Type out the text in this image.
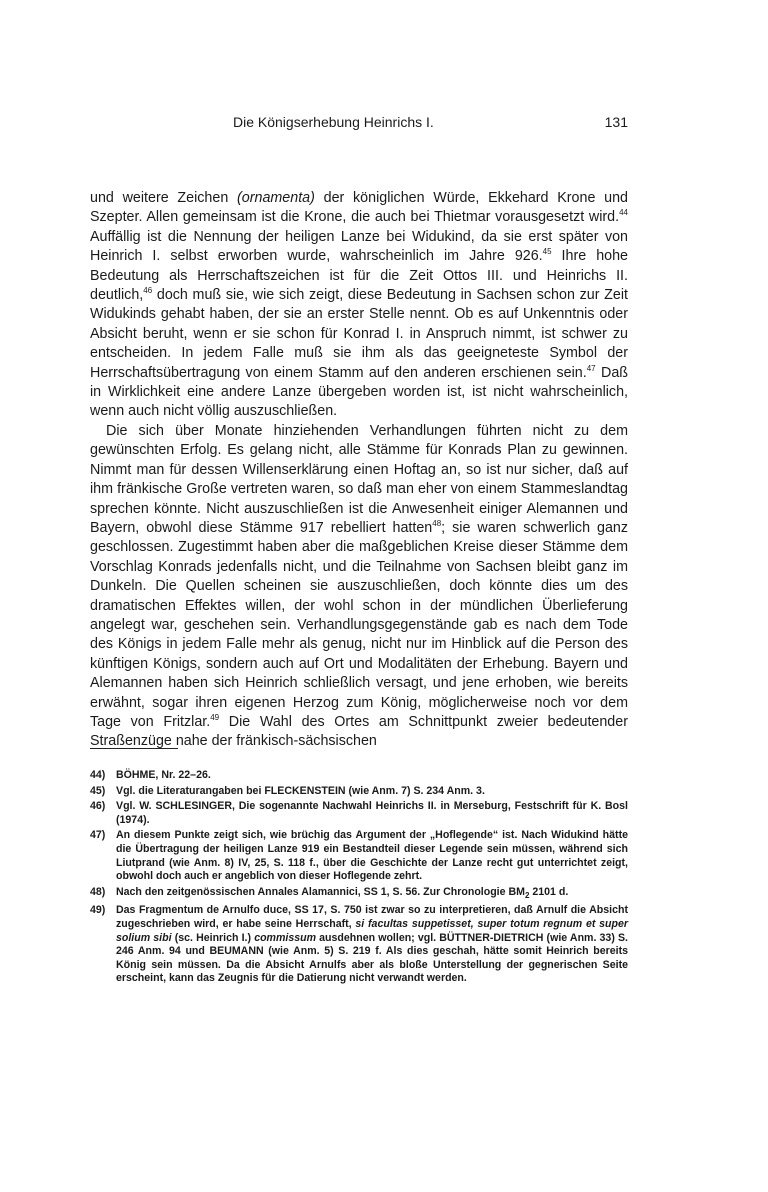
Die Königserhebung Heinrichs I.	131

und weitere Zeichen (ornamenta) der königlichen Würde, Ekkehard Krone und Szepter. Allen gemeinsam ist die Krone, die auch bei Thietmar vorausgesetzt wird.$^{44}$ Auffällig ist die Nennung der heiligen Lanze bei Widukind, da sie erst später von Heinrich I. selbst erworben wurde, wahrscheinlich im Jahre 926.45 Ihre hohe Bedeutung als Herrschaftszeichen ist für die Zeit Ottos III. und Heinrichs II. deutlich,$^{46}$ doch muß sie, wie sich zeigt, diese Bedeutung in Sachsen schon zur Zeit Widukinds gehabt haben, der sie an erster Stelle nennt. Ob es auf Unkenntnis oder Absicht beruht, wenn er sie schon für Konrad I. in Anspruch nimmt, ist schwer zu entscheiden. In jedem Falle muß sie ihm als das geeigneteste Symbol der Herrschaftsübertragung von einem Stamm auf den anderen erschienen sein.$^{47}$ Daß in Wirklichkeit eine andere Lanze übergeben worden ist, ist nicht wahrscheinlich, wenn auch nicht völlig auszuschließen.

Die sich über Monate hinziehenden Verhandlungen führten nicht zu dem gewünschten Erfolg. Es gelang nicht, alle Stämme für Konrads Plan zu gewinnen. Nimmt man für dessen Willenserklärung einen Hoftag an, so ist nur sicher, daß auf ihm fränkische Große vertreten waren, so daß man eher von einem Stammeslandtag sprechen könnte. Nicht auszuschließen ist die Anwesenheit einiger Alemannen und Bayern, obwohl diese Stämme 917 rebelliert hatten$^{48}$; sie waren schwerlich ganz geschlossen. Zugestimmt haben aber die maßgeblichen Kreise dieser Stämme dem Vorschlag Konrads jedenfalls nicht, und die Teilnahme von Sachsen bleibt ganz im Dunkeln. Die Quellen scheinen sie auszuschließen, doch könnte dies um des dramatischen Effektes willen, der wohl schon in der mündlichen Überlieferung angelegt war, geschehen sein. Verhandlungsgegenstände gab es nach dem Tode des Königs in jedem Falle mehr als genug, nicht nur im Hinblick auf die Person des künftigen Königs, sondern auch auf Ort und Modalitäten der Erhebung. Bayern und Alemannen haben sich Heinrich schließlich versagt, und jene erhoben, wie bereits erwähnt, sogar ihren eigenen Herzog zum König, möglicherweise noch vor dem Tage von Fritzlar.$^{49}$ Die Wahl des Ortes am Schnittpunkt zweier bedeutender Straßenzüge nahe der fränkisch-sächsischen

44)	BÖHME, Nr. 22–26.
45)	Vgl. die Literaturangaben bei FLECKENSTEIN (wie Anm. 7) S. 234 Anm. 3.
46)	Vgl. W. SCHLESINGER, Die sogenannte Nachwahl Heinrichs II. in Merseburg, Festschrift für K. Bosl (1974).
47)	An diesem Punkte zeigt sich, wie brüchig das Argument der „Hoflegende“ ist. Nach Widukind hätte die Übertragung der heiligen Lanze 919 ein Bestandteil dieser Legende sein müssen, während sich Liutprand (wie Anm. 8) IV, 25, S. 118 f., über die Geschichte der Lanze recht gut unterrichtet zeigt, obwohl doch auch er angeblich von dieser Hoflegende zehrt.
48)	Nach den zeitgenössischen Annales Alamannici, SS 1, S. 56. Zur Chronologie $BM_2$ 2101 d.
49)	Das Fragmentum de Arnulfo duce, SS 17, S. 750 ist zwar so zu interpretieren, daß Arnulf die Absicht zugeschrieben wird, er habe seine Herrschaft, si facultas suppetisset, super totum regnum et super solium sibi (sc. Heinrich I.) commissum ausdehnen wollen; vgl. BÜTTNER-DIETRICH (wie Anm. 33) S. 246 Anm. 94 und BEUMANN (wie Anm. 5) S. 219 f. Als dies geschah, hätte somit Heinrich bereits König sein müssen. Da die Absicht Arnulfs aber als bloße Unterstellung der gegnerischen Seite erscheint, kann das Zeugnis für die Datierung nicht verwandt werden.
